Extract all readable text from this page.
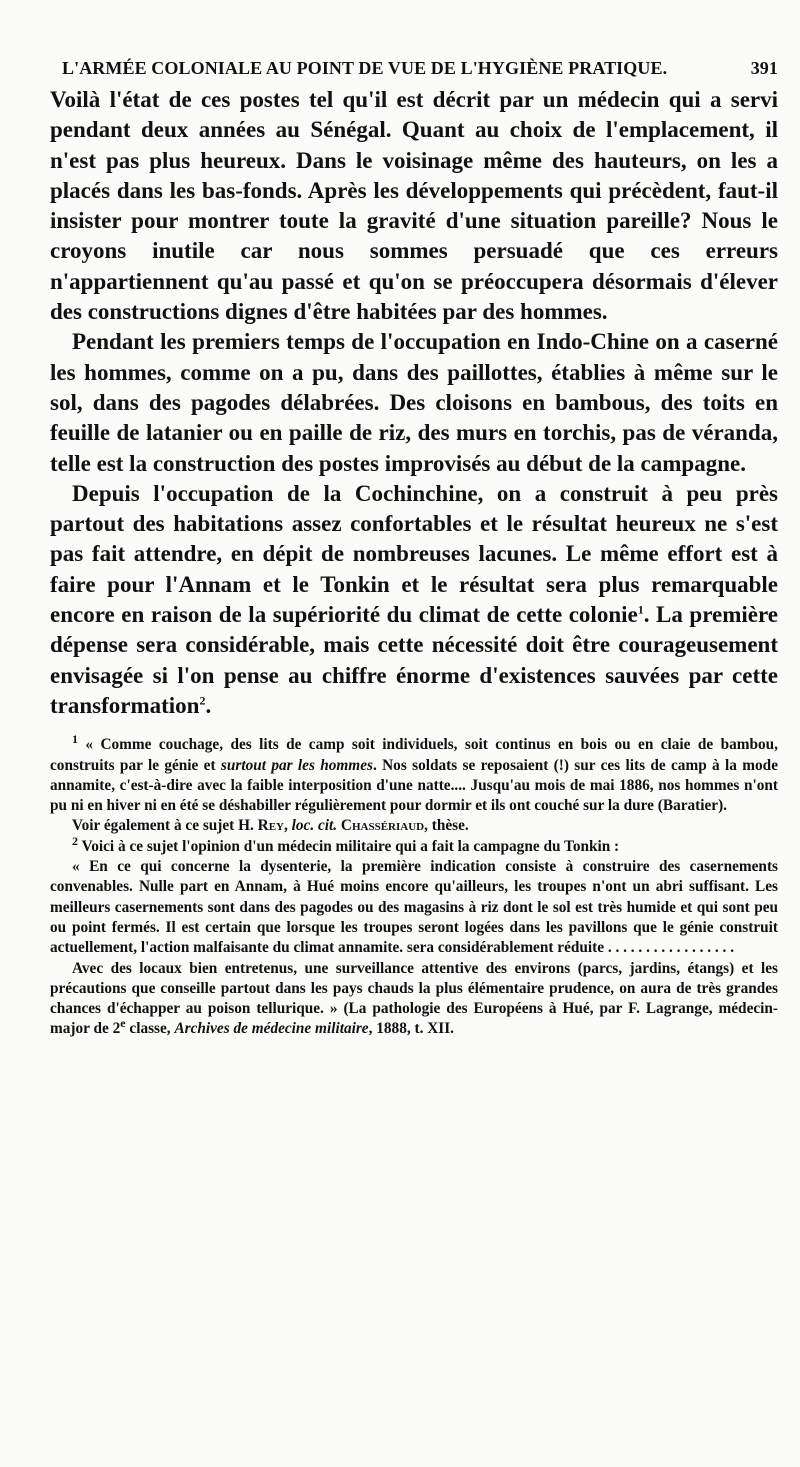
L'ARMÉE COLONIALE AU POINT DE VUE DE L'HYGIÈNE PRATIQUE.	391

Voilà l'état de ces postes tel qu'il est décrit par un médecin qui a servi pendant deux années au Sénégal. Quant au choix de l'emplacement, il n'est pas plus heureux. Dans le voisinage même des hauteurs, on les a placés dans les bas-fonds. Après les développements qui précèdent, faut-il insister pour montrer toute la gravité d'une situation pareille? Nous le croyons inutile car nous sommes persuadé que ces erreurs n'appartiennent qu'au passé et qu'on se préoccupera désormais d'élever des constructions dignes d'être habitées par des hommes.

Pendant les premiers temps de l'occupation en Indo-Chine on a caserné les hommes, comme on a pu, dans des paillottes, établies à même sur le sol, dans des pagodes délabrées. Des cloisons en bambous, des toits en feuille de latanier ou en paille de riz, des murs en torchis, pas de véranda, telle est la construction des postes improvisés au début de la campagne.

Depuis l'occupation de la Cochinchine, on a construit à peu près partout des habitations assez confortables et le résultat heureux ne s'est pas fait attendre, en dépit de nombreuses lacunes. Le même effort est à faire pour l'Annam et le Tonkin et le résultat sera plus remarquable encore en raison de la supériorité du climat de cette colonie$^1$. La première dépense sera considérable, mais cette nécessité doit être courageusement envisagée si l'on pense au chiffre énorme d'existences sauvées par cette transformation$^2$.

$^1$ « Comme couchage, des lits de camp soit individuels, soit continus en bois ou en claie de bambou, construits par le génie et surtout par les hommes. Nos soldats se reposaient (!) sur ces lits de camp à la mode annamite, c'est-à-dire avec la faible interposition d'une natte.... Jusqu'au mois de mai 1886, nos hommes n'ont pu ni en hiver ni en été se déshabiller régulièrement pour dormir et ils ont couché sur la dure (Baratier).

Voir également à ce sujet H. Rey, loc. cit. Chassériaud, thèse.

$^2$ Voici à ce sujet l'opinion d'un médecin militaire qui a fait la campagne du Tonkin :

« En ce qui concerne la dysenterie, la première indication consiste à construire des casernements convenables. Nulle part en Annam, à Hué moins encore qu'ailleurs, les troupes n'ont un abri suffisant. Les meilleurs casernements sont dans des pagodes ou des magasins à riz dont le sol est très humide et qui sont peu ou point fermés. Il est certain que lorsque les troupes seront logées dans les pavillons que le génie construit actuellement, l'action malfaisante du climat annamite. sera considérablement réduite . . . . . . . . . . . . . . . . .

Avec des locaux bien entretenus, une surveillance attentive des environs (parcs, jardins, étangs) et les précautions que conseille partout dans les pays chauds la plus élémentaire prudence, on aura de très grandes chances d'échapper au poison tellurique. » (La pathologie des Européens à Hué, par F. Lagrange, médecin-major de 2e classe, Archives de médecine militaire, 1888, t. XII.
